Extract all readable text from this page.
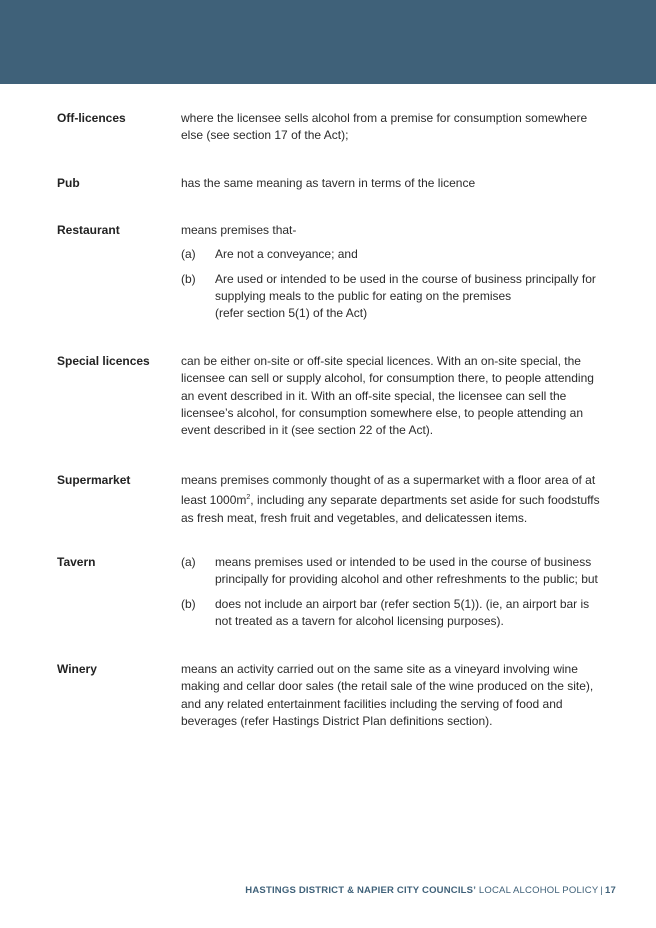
Off-licences	where the licensee sells alcohol from a premise for consumption somewhere else (see section 17 of the Act);
Pub	has the same meaning as tavern in terms of the licence
Restaurant	means premises that-
(a) Are not a conveyance; and
(b) Are used or intended to be used in the course of business principally for supplying meals to the public for eating on the premises
(refer section 5(1) of the Act)
Special licences	can be either on-site or off-site special licences. With an on-site special, the licensee can sell or supply alcohol, for consumption there, to people attending an event described in it. With an off-site special, the licensee can sell the licensee’s alcohol, for consumption somewhere else, to people attending an event described in it (see section 22 of the Act).
Supermarket	means premises commonly thought of as a supermarket with a floor area of at least $1000m^2$, including any separate departments set aside for such foodstuffs as fresh meat, fresh fruit and vegetables, and delicatessen items.
Tavern	(a) means premises used or intended to be used in the course of business principally for providing alcohol and other refreshments to the public; but
(b) does not include an airport bar (refer section 5(1)). (ie, an airport bar is not treated as a tavern for alcohol licensing purposes).
Winery	means an activity carried out on the same site as a vineyard involving wine making and cellar door sales (the retail sale of the wine produced on the site), and any related entertainment facilities including the serving of food and beverages (refer Hastings District Plan definitions section).
HASTINGS DISTRICT & NAPIER CITY COUNCILS’ LOCAL ALCOHOL POLICY | 17
